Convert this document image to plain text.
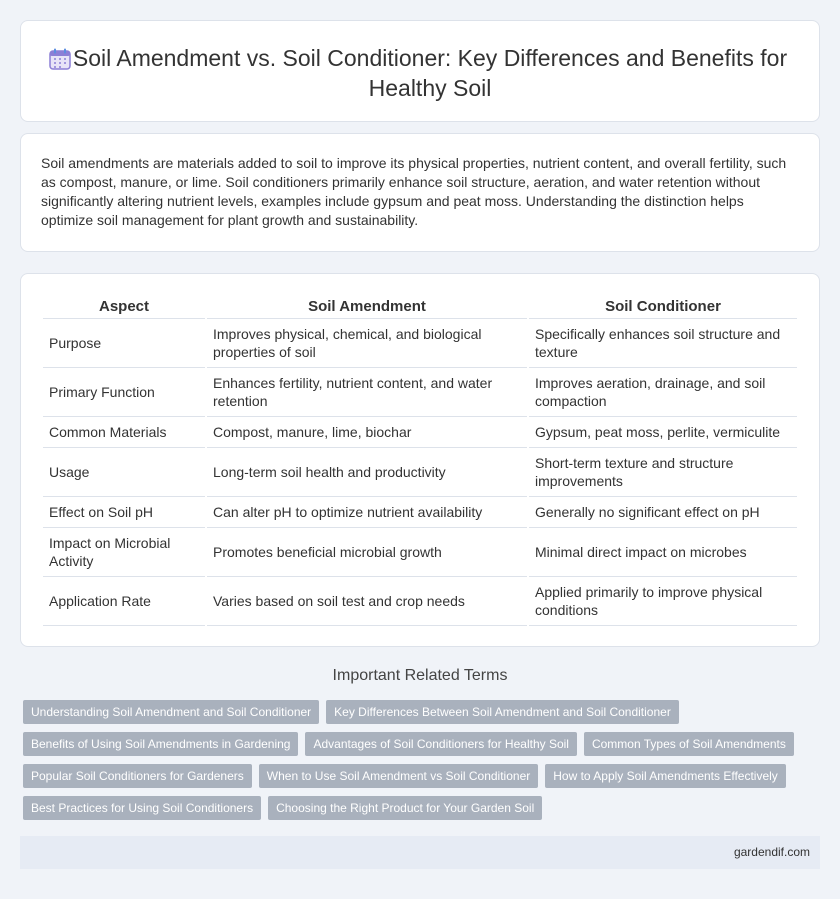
Soil Amendment vs. Soil Conditioner: Key Differences and Benefits for Healthy Soil

Soil amendments are materials added to soil to improve its physical properties, nutrient content, and overall fertility, such as compost, manure, or lime. Soil conditioners primarily enhance soil structure, aeration, and water retention without significantly altering nutrient levels, examples include gypsum and peat moss. Understanding the distinction helps optimize soil management for plant growth and sustainability.

Aspect	Soil Amendment	Soil Conditioner
Purpose	Improves physical, chemical, and biological properties of soil	Specifically enhances soil structure and texture
Primary Function	Enhances fertility, nutrient content, and water retention	Improves aeration, drainage, and soil compaction
Common Materials	Compost, manure, lime, biochar	Gypsum, peat moss, perlite, vermiculite
Usage	Long-term soil health and productivity	Short-term texture and structure improvements
Effect on Soil pH	Can alter pH to optimize nutrient availability	Generally no significant effect on pH
Impact on Microbial Activity	Promotes beneficial microbial growth	Minimal direct impact on microbes
Application Rate	Varies based on soil test and crop needs	Applied primarily to improve physical conditions
Important Related Terms
Understanding Soil Amendment and Soil Conditioner	Key Differences Between Soil Amendment and Soil Conditioner
Benefits of Using Soil Amendments in Gardening	Advantages of Soil Conditioners for Healthy Soil	Common Types of Soil Amendments
Popular Soil Conditioners for Gardeners	When to Use Soil Amendment vs Soil Conditioner	How to Apply Soil Amendments Effectively
Best Practices for Using Soil Conditioners	Choosing the Right Product for Your Garden Soil
gardendif.com
